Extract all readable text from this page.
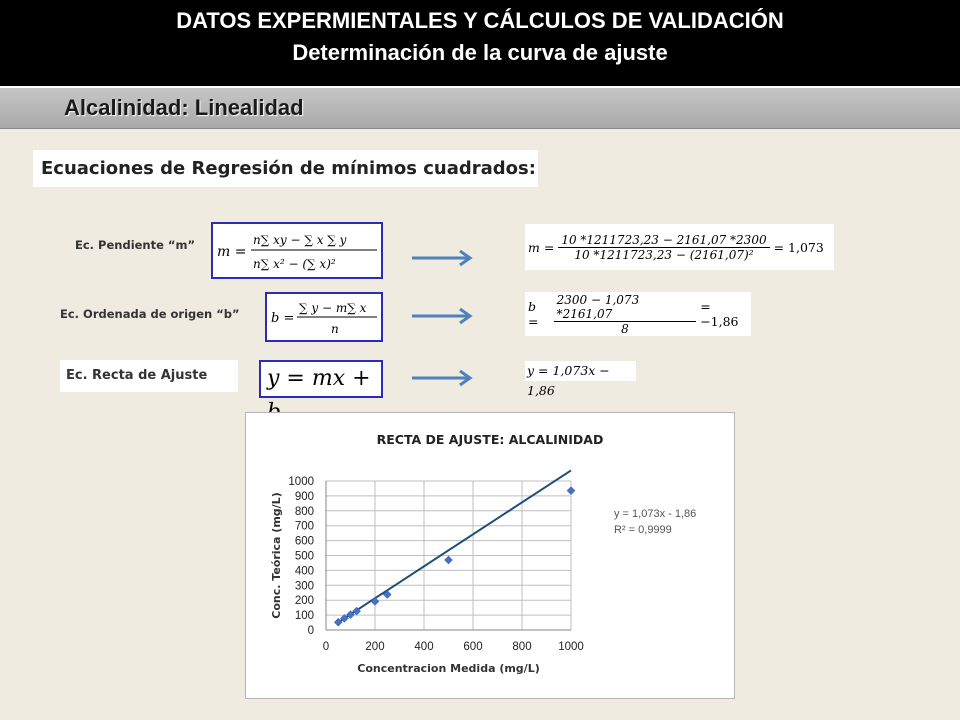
DATOS EXPERMIENTALES Y CÁLCULOS DE VALIDACIÓN
Determinación de la curva de ajuste
Alcalinidad: Linealidad
Ecuaciones de Regresión de mínimos cuadrados:
Ec. Pendiente “m” m =
n∑ xy − ∑ x ∑ y
n∑ x² − (∑ x)²
$m = \frac{10 *1211723,23 - 2161,07 *2300}{\text{10 *1211723,23 − (2161,07)²}} = 1,073$
Ec. Ordenada de origen “b” b =
∑ y − m∑ x
n
b =	$\frac{2300 - 1,073 *2161,07}{8} = -1,86$
Ec. Recta de Ajuste	y = mx +	y = 1,073x − 1,86
RECTA DE AJUSTE: ALCALINIDAD
0
100
200
300
400
500
600
700
800
900
1000
0	200	400	600	800 1000
Concentracion Medida (mg/L)
Conc. Teórica (mg/L)	y = 1,073x - 1,86
R² = 0,9999
